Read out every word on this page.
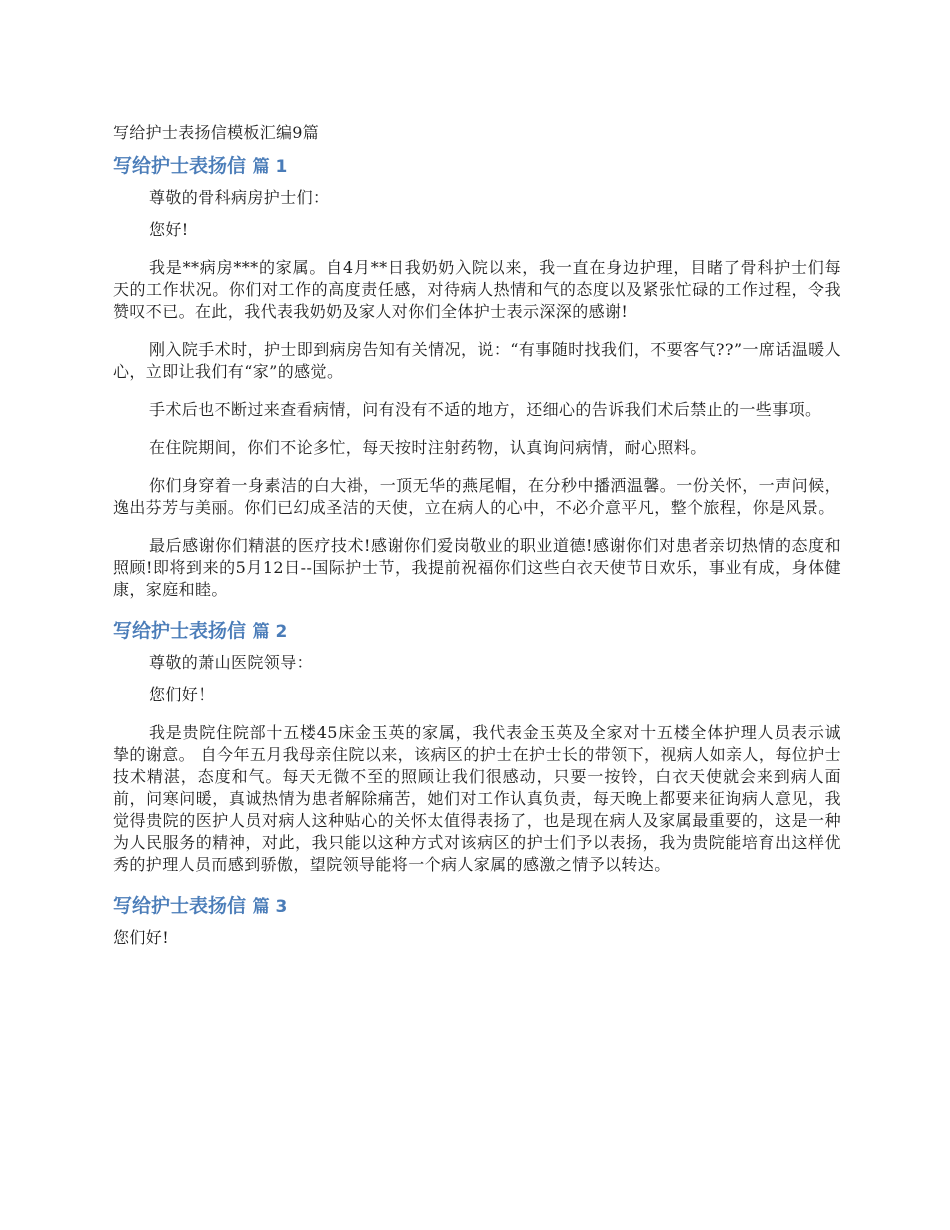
写给护士表扬信模板汇编9篇
写给护士表扬信 篇 1

尊敬的骨科病房护士们：

您好!

我是**病房***的家属。自4月**日我奶奶入院以来，我一直在身边护理，目睹了骨科护士们每天的工作状况。你们对工作的高度责任感，对待病人热情和气的态度以及紧张忙碌的工作过程，令我赞叹不已。在此，我代表我奶奶及家人对你们全体护士表示深深的感谢!

刚入院手术时，护士即到病房告知有关情况，说：“有事随时找我们，不要客气??”一席话温暖人心，立即让我们有“家”的感觉。

手术后也不断过来查看病情，问有没有不适的地方，还细心的告诉我们术后禁止的一些事项。

在住院期间，你们不论多忙，每天按时注射药物，认真询问病情，耐心照料。

你们身穿着一身素洁的白大褂，一顶无华的燕尾帽，在分秒中播洒温馨。一份关怀，一声问候，逸出芬芳与美丽。你们已幻成圣洁的天使，立在病人的心中，不必介意平凡，整个旅程，你是风景。

最后感谢你们精湛的医疗技术!感谢你们爱岗敬业的职业道德!感谢你们对患者亲切热情的态度和照顾!即将到来的5月12日--国际护士节，我提前祝福你们这些白衣天使节日欢乐，事业有成，身体健康，家庭和睦。

写给护士表扬信 篇 2

尊敬的萧山医院领导：

您们好！

我是贵院住院部十五楼45床金玉英的家属，我代表金玉英及全家对十五楼全体护理人员表示诚挚的谢意。 自今年五月我母亲住院以来，该病区的护士在护士长的带领下，视病人如亲人，每位护士技术精湛，态度和气。每天无微不至的照顾让我们很感动，只要一按铃，白衣天使就会来到病人面前，问寒问暖，真诚热情为患者解除痛苦，她们对工作认真负责，每天晚上都要来征询病人意见，我觉得贵院的医护人员对病人这种贴心的关怀太值得表扬了，也是现在病人及家属最重要的，这是一种为人民服务的精神，对此，我只能以这种方式对该病区的护士们予以表扬，我为贵院能培育出这样优秀的护理人员而感到骄傲，望院领导能将一个病人家属的感激之情予以转达。

写给护士表扬信 篇 3

您们好!
